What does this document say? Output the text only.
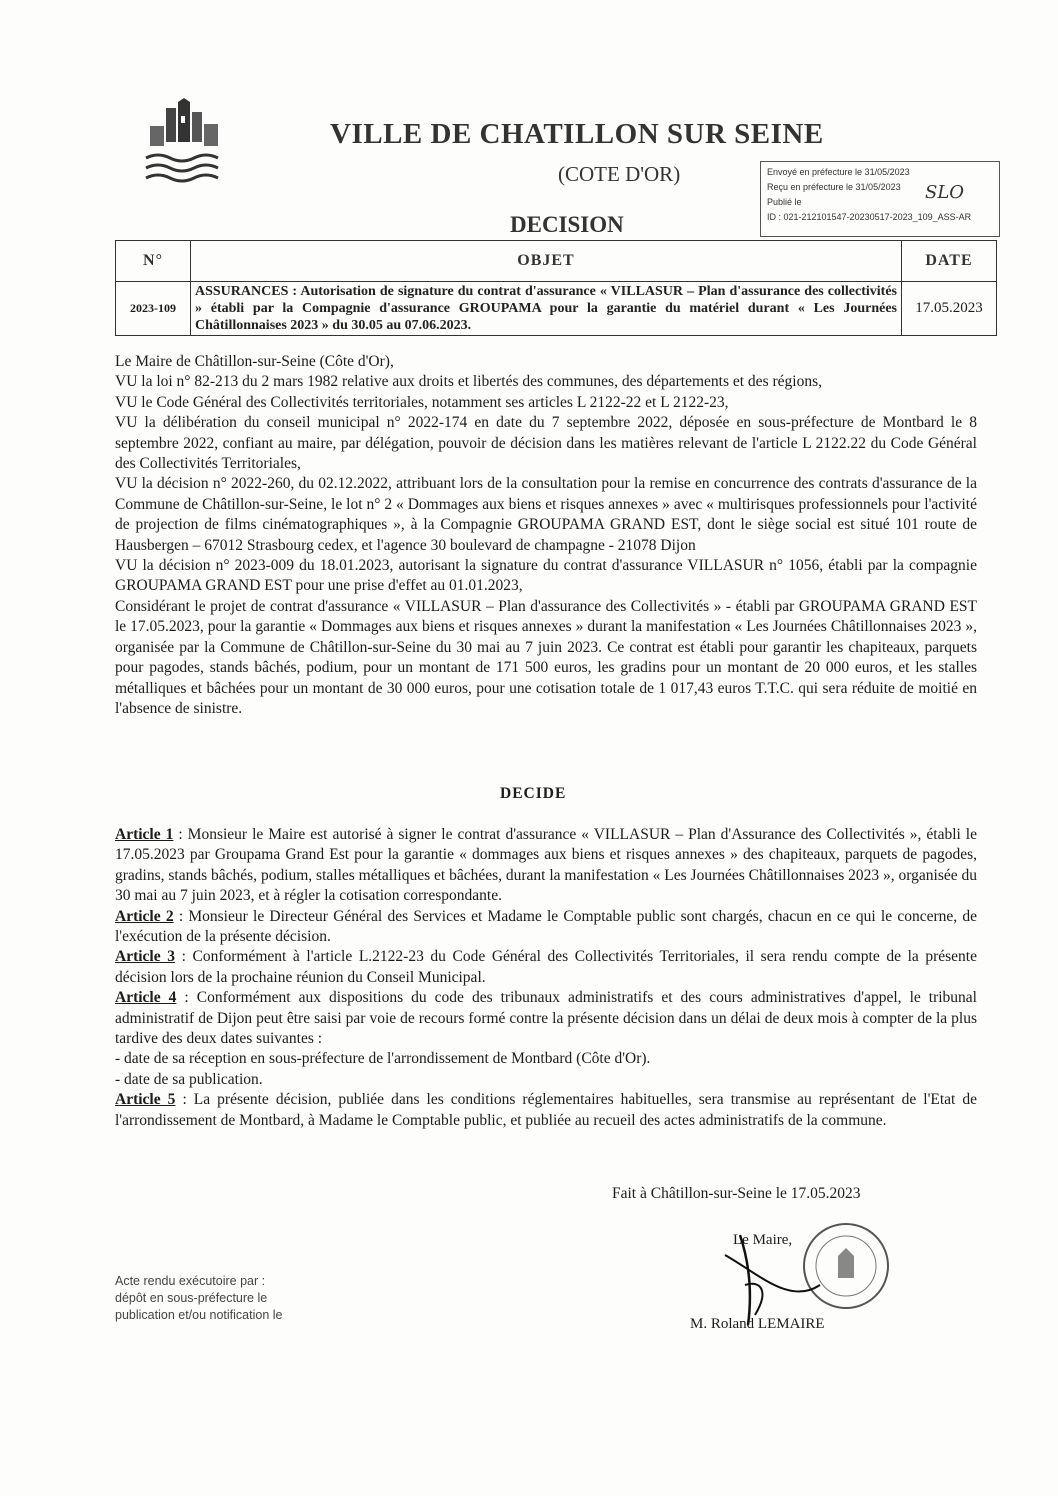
VILLE DE CHATILLON SUR SEINE
(COTE D'OR)
DECISION
Envoyé en préfecture le 31/05/2023
Reçu en préfecture le 31/05/2023
Publié le
ID : 021-212101547-20230517-2023_109_ASS-AR
SLO
N°	OBJET	DATE
2023-109	ASSURANCES : Autorisation de signature du contrat d'assurance « VILLASUR – Plan d'assurance des collectivités » établi par la Compagnie d'assurance GROUPAMA pour la garantie du matériel durant « Les Journées Châtillonnaises 2023 » du 30.05 au 07.06.2023.	17.05.2023

Le Maire de Châtillon-sur-Seine (Côte d'Or),

VU la loi n° 82-213 du 2 mars 1982 relative aux droits et libertés des communes, des départements et des régions,

VU le Code Général des Collectivités territoriales, notamment ses articles L 2122-22 et L 2122-23,

VU la délibération du conseil municipal n° 2022-174 en date du 7 septembre 2022, déposée en sous-préfecture de Montbard le 8 septembre 2022, confiant au maire, par délégation, pouvoir de décision dans les matières relevant de l'article L 2122.22 du Code Général des Collectivités Territoriales,

VU la décision n° 2022-260, du 02.12.2022, attribuant lors de la consultation pour la remise en concurrence des contrats d'assurance de la Commune de Châtillon-sur-Seine, le lot n° 2 « Dommages aux biens et risques annexes » avec « multirisques professionnels pour l'activité de projection de films cinématographiques », à la Compagnie GROUPAMA GRAND EST, dont le siège social est situé 101 route de Hausbergen – 67012 Strasbourg cedex, et l'agence 30 boulevard de champagne - 21078 Dijon

VU la décision n° 2023-009 du 18.01.2023, autorisant la signature du contrat d'assurance VILLASUR n° 1056, établi par la compagnie GROUPAMA GRAND EST pour une prise d'effet au 01.01.2023,

Considérant le projet de contrat d'assurance « VILLASUR – Plan d'assurance des Collectivités » - établi par GROUPAMA GRAND EST le 17.05.2023, pour la garantie « Dommages aux biens et risques annexes » durant la manifestation « Les Journées Châtillonnaises 2023 », organisée par la Commune de Châtillon-sur-Seine du 30 mai au 7 juin 2023. Ce contrat est établi pour garantir les chapiteaux, parquets pour pagodes, stands bâchés, podium, pour un montant de 171 500 euros, les gradins pour un montant de 20 000 euros, et les stalles métalliques et bâchées pour un montant de 30 000 euros, pour une cotisation totale de 1 017,43 euros T.T.C. qui sera réduite de moitié en l'absence de sinistre.

DECIDE

Article 1 : Monsieur le Maire est autorisé à signer le contrat d'assurance « VILLASUR – Plan d'Assurance des Collectivités », établi le 17.05.2023 par Groupama Grand Est pour la garantie « dommages aux biens et risques annexes » des chapiteaux, parquets de pagodes, gradins, stands bâchés, podium, stalles métalliques et bâchées, durant la manifestation « Les Journées Châtillonnaises 2023 », organisée du 30 mai au 7 juin 2023, et à régler la cotisation correspondante.

Article 2 : Monsieur le Directeur Général des Services et Madame le Comptable public sont chargés, chacun en ce qui le concerne, de l'exécution de la présente décision.

Article 3 : Conformément à l'article L.2122-23 du Code Général des Collectivités Territoriales, il sera rendu compte de la présente décision lors de la prochaine réunion du Conseil Municipal.

Article 4 : Conformément aux dispositions du code des tribunaux administratifs et des cours administratives d'appel, le tribunal administratif de Dijon peut être saisi par voie de recours formé contre la présente décision dans un délai de deux mois à compter de la plus tardive des deux dates suivantes :

- date de sa réception en sous-préfecture de l'arrondissement de Montbard (Côte d'Or).

- date de sa publication.

Article 5 : La présente décision, publiée dans les conditions réglementaires habituelles, sera transmise au représentant de l'Etat de l'arrondissement de Montbard, à Madame le Comptable public, et publiée au recueil des actes administratifs de la commune.

Fait à Châtillon-sur-Seine le 17.05.2023
Le Maire,
M. Roland LEMAIRE
Acte rendu exécutoire par :
dépôt en sous-préfecture le
publication et/ou notification le
